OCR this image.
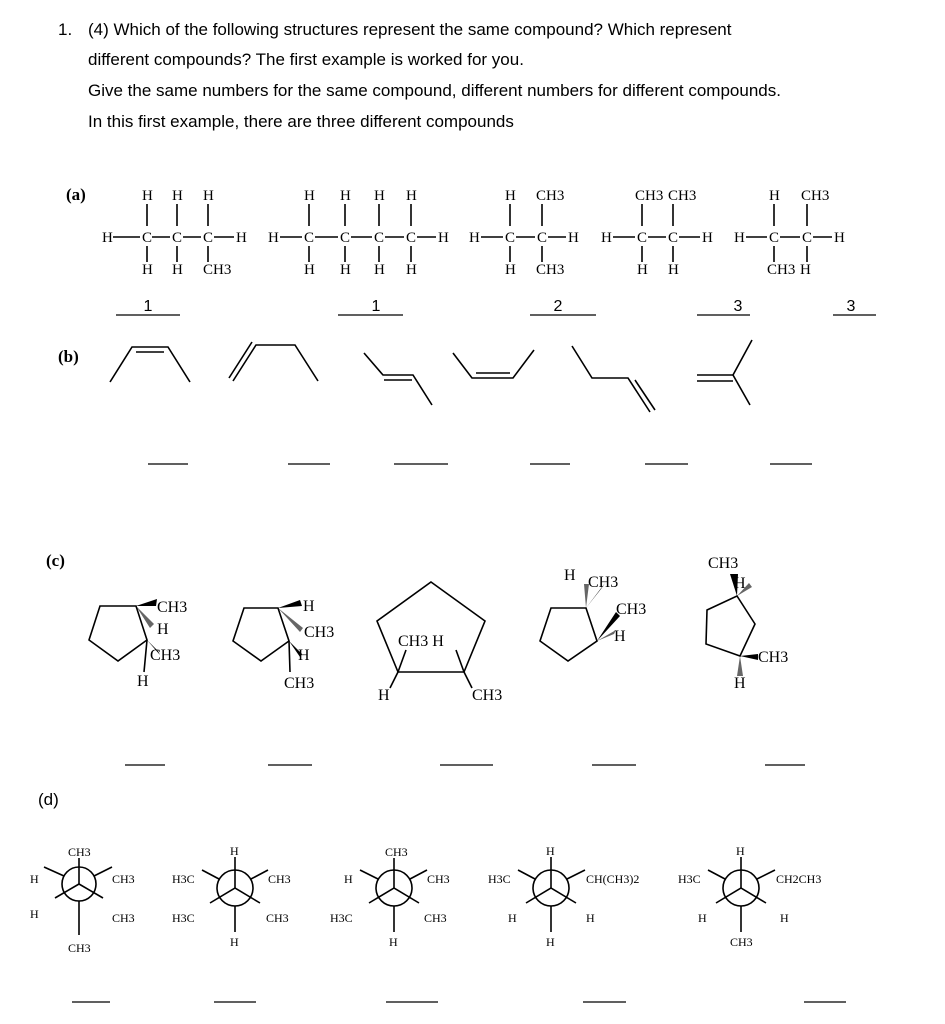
1. (4) Which of the following structures represent the same compound? Which represent
different compounds? The first example is worked for you.
Give the same numbers for the same compound, different numbers for different compounds.
In this first example, there are three different compounds
(a)	H H H
H C C C H
H H CH3
H H H H
H C C C C H
H H H H
H CH3
H C C H
H CH3
CH3 CH3
H C C H
H H
H CH3
H C C H
CH3 H
1	1	2	3	3
(b)
(c)
CH3
H
CH3
H
H
CH3
H
CH3
CH3 H
H	CH3
H CH3
CH3
H
CH3
H
CH3
H
(d)
CH3
CH3
H
H	CH3
CH3
H
H3C	CH3
H3C	CH3
H
CH3
H	CH3
H3C	CH3
H
H
H3C	CH(CH3)2
H	H
H
H
H3C	CH2CH3
H	H
CH3
